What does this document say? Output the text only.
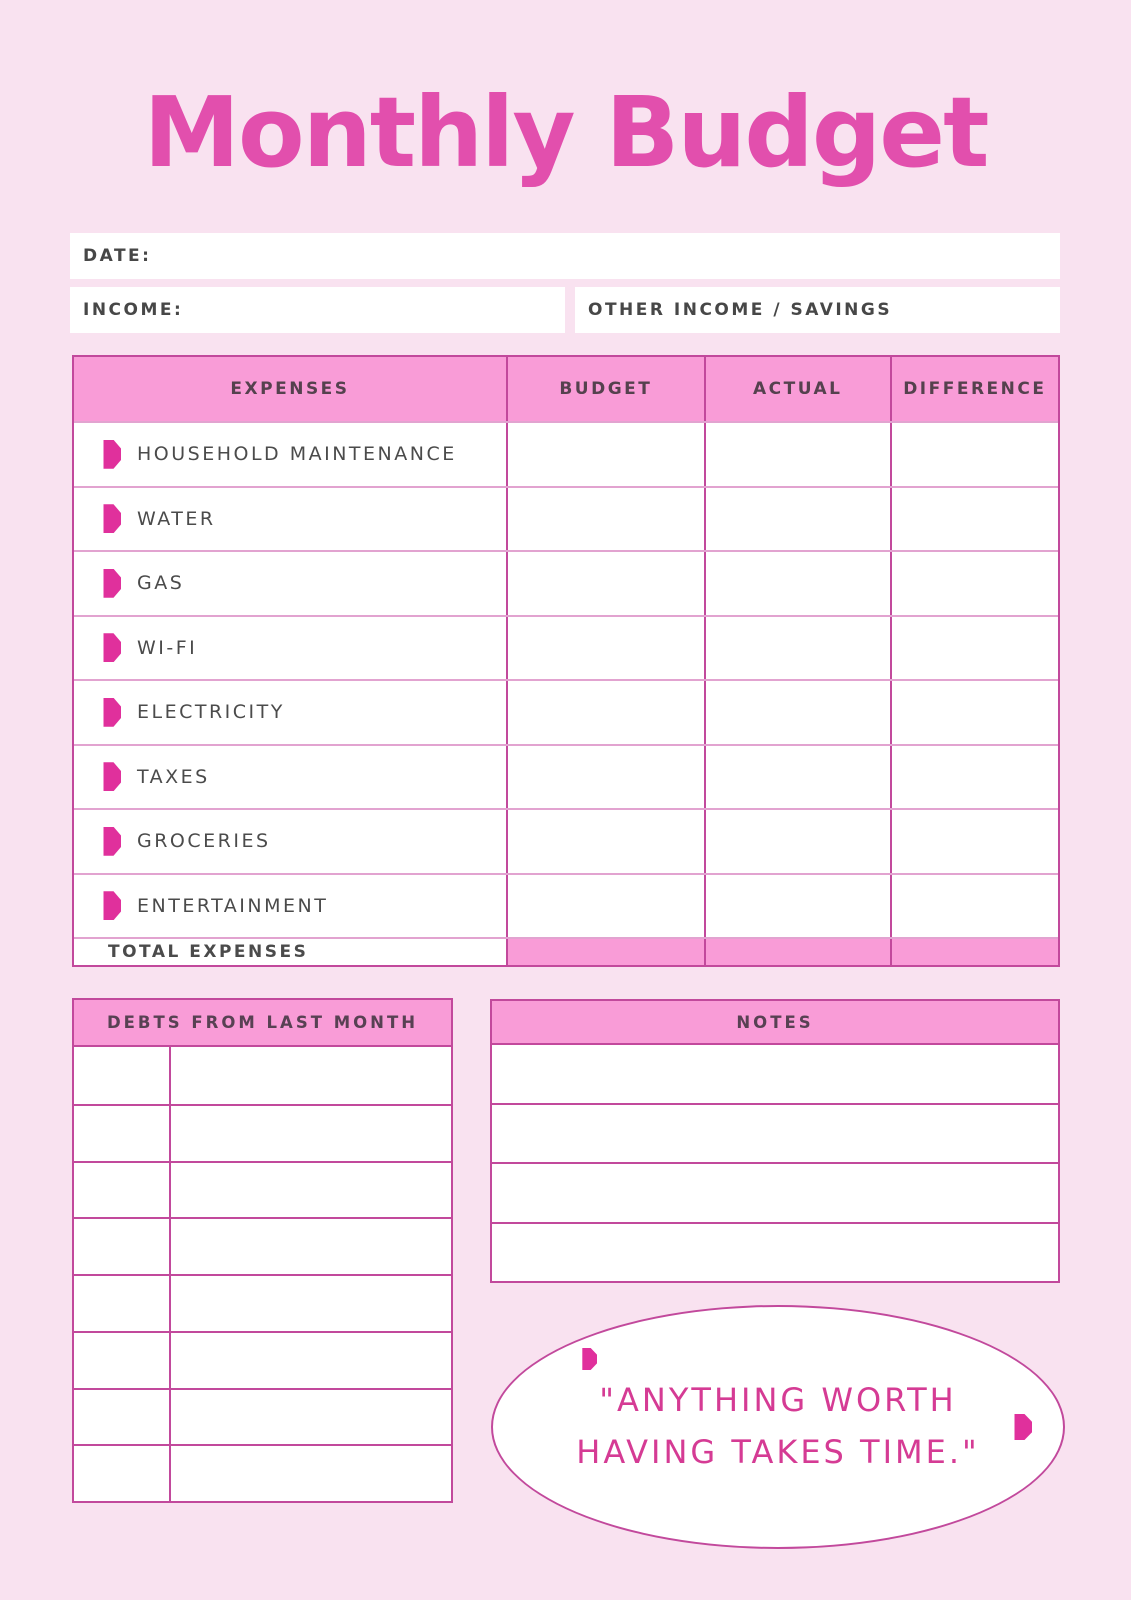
Monthly Budget
DATE:
INCOME:	OTHER INCOME / SAVINGS
EXPENSES	BUDGET	ACTUAL	DIFFERENCE
HOUSEHOLD MAINTENANCE
WATER
GAS
WI-FI
ELECTRICITY
TAXES
GROCERIES
ENTERTAINMENT
TOTAL EXPENSES
DEBTS FROM LAST MONTH	NOTES
"ANYTHING WORTH
HAVING TAKES TIME."
